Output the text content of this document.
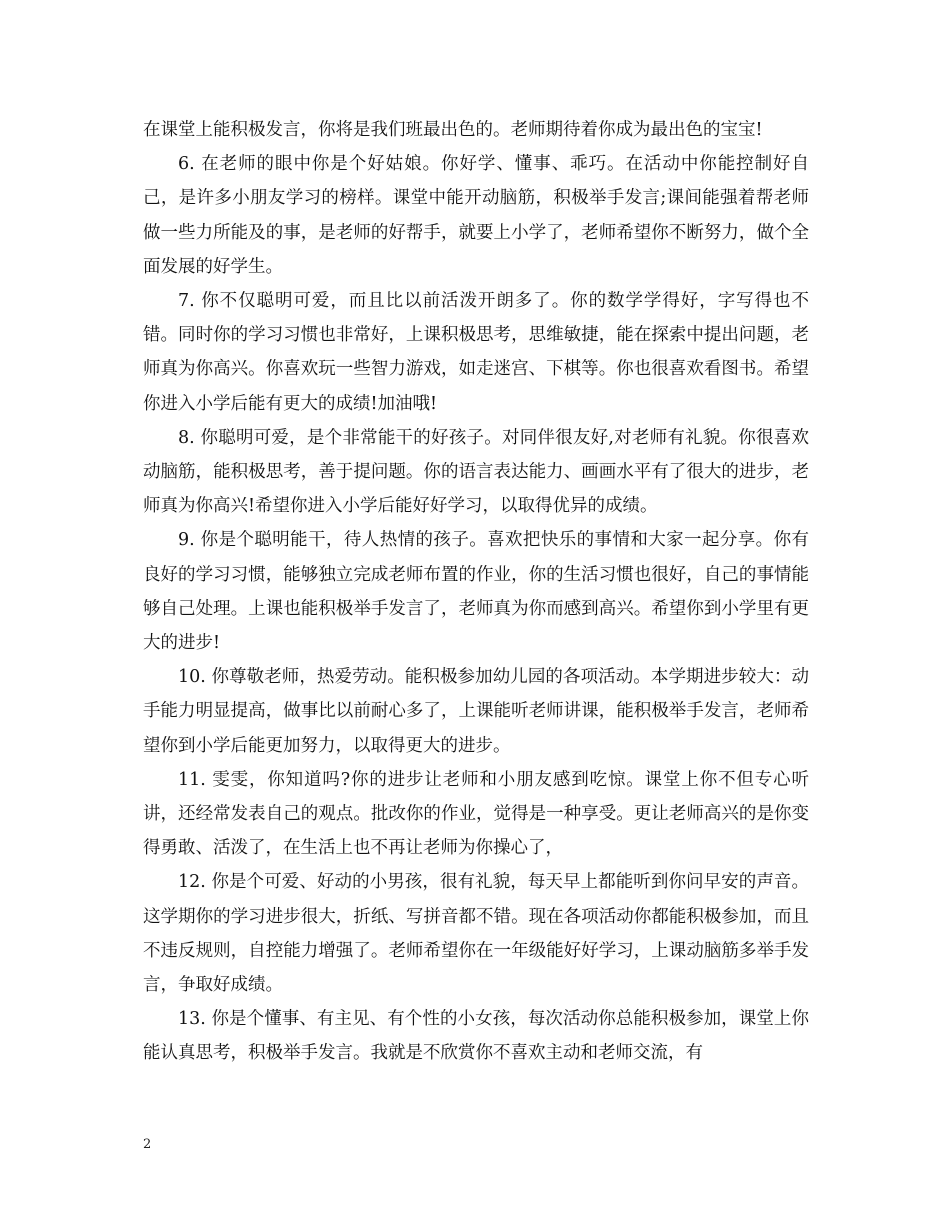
在课堂上能积极发言，你将是我们班最出色的。老师期待着你成为最出色的宝宝!

6. 在老师的眼中你是个好姑娘。你好学、懂事、乖巧。在活动中你能控制好自己，是许多小朋友学习的榜样。课堂中能开动脑筋，积极举手发言;课间能强着帮老师做一些力所能及的事，是老师的好帮手，就要上小学了，老师希望你不断努力，做个全面发展的好学生。

7. 你不仅聪明可爱，而且比以前活泼开朗多了。你的数学学得好，字写得也不错。同时你的学习习惯也非常好，上课积极思考，思维敏捷，能在探索中提出问题，老师真为你高兴。你喜欢玩一些智力游戏，如走迷宫、下棋等。你也很喜欢看图书。希望你进入小学后能有更大的成绩!加油哦!

8. 你聪明可爱，是个非常能干的好孩子。对同伴很友好,对老师有礼貌。你很喜欢动脑筋，能积极思考，善于提问题。你的语言表达能力、画画水平有了很大的进步，老师真为你高兴!希望你进入小学后能好好学习，以取得优异的成绩。

9. 你是个聪明能干，待人热情的孩子。喜欢把快乐的事情和大家一起分享。你有良好的学习习惯，能够独立完成老师布置的作业，你的生活习惯也很好，自己的事情能够自己处理。上课也能积极举手发言了，老师真为你而感到高兴。希望你到小学里有更大的进步!

10. 你尊敬老师，热爱劳动。能积极参加幼儿园的各项活动。本学期进步较大：动手能力明显提高，做事比以前耐心多了，上课能听老师讲课，能积极举手发言，老师希望你到小学后能更加努力，以取得更大的进步。

11. 雯雯，你知道吗?你的进步让老师和小朋友感到吃惊。课堂上你不但专心听讲，还经常发表自己的观点。批改你的作业，觉得是一种享受。更让老师高兴的是你变得勇敢、活泼了，在生活上也不再让老师为你操心了，

12. 你是个可爱、好动的小男孩，很有礼貌，每天早上都能听到你问早安的声音。这学期你的学习进步很大，折纸、写拼音都不错。现在各项活动你都能积极参加，而且不违反规则，自控能力增强了。老师希望你在一年级能好好学习，上课动脑筋多举手发言，争取好成绩。

13. 你是个懂事、有主见、有个性的小女孩，每次活动你总能积极参加，课堂上你能认真思考，积极举手发言。我就是不欣赏你不喜欢主动和老师交流，有

2
